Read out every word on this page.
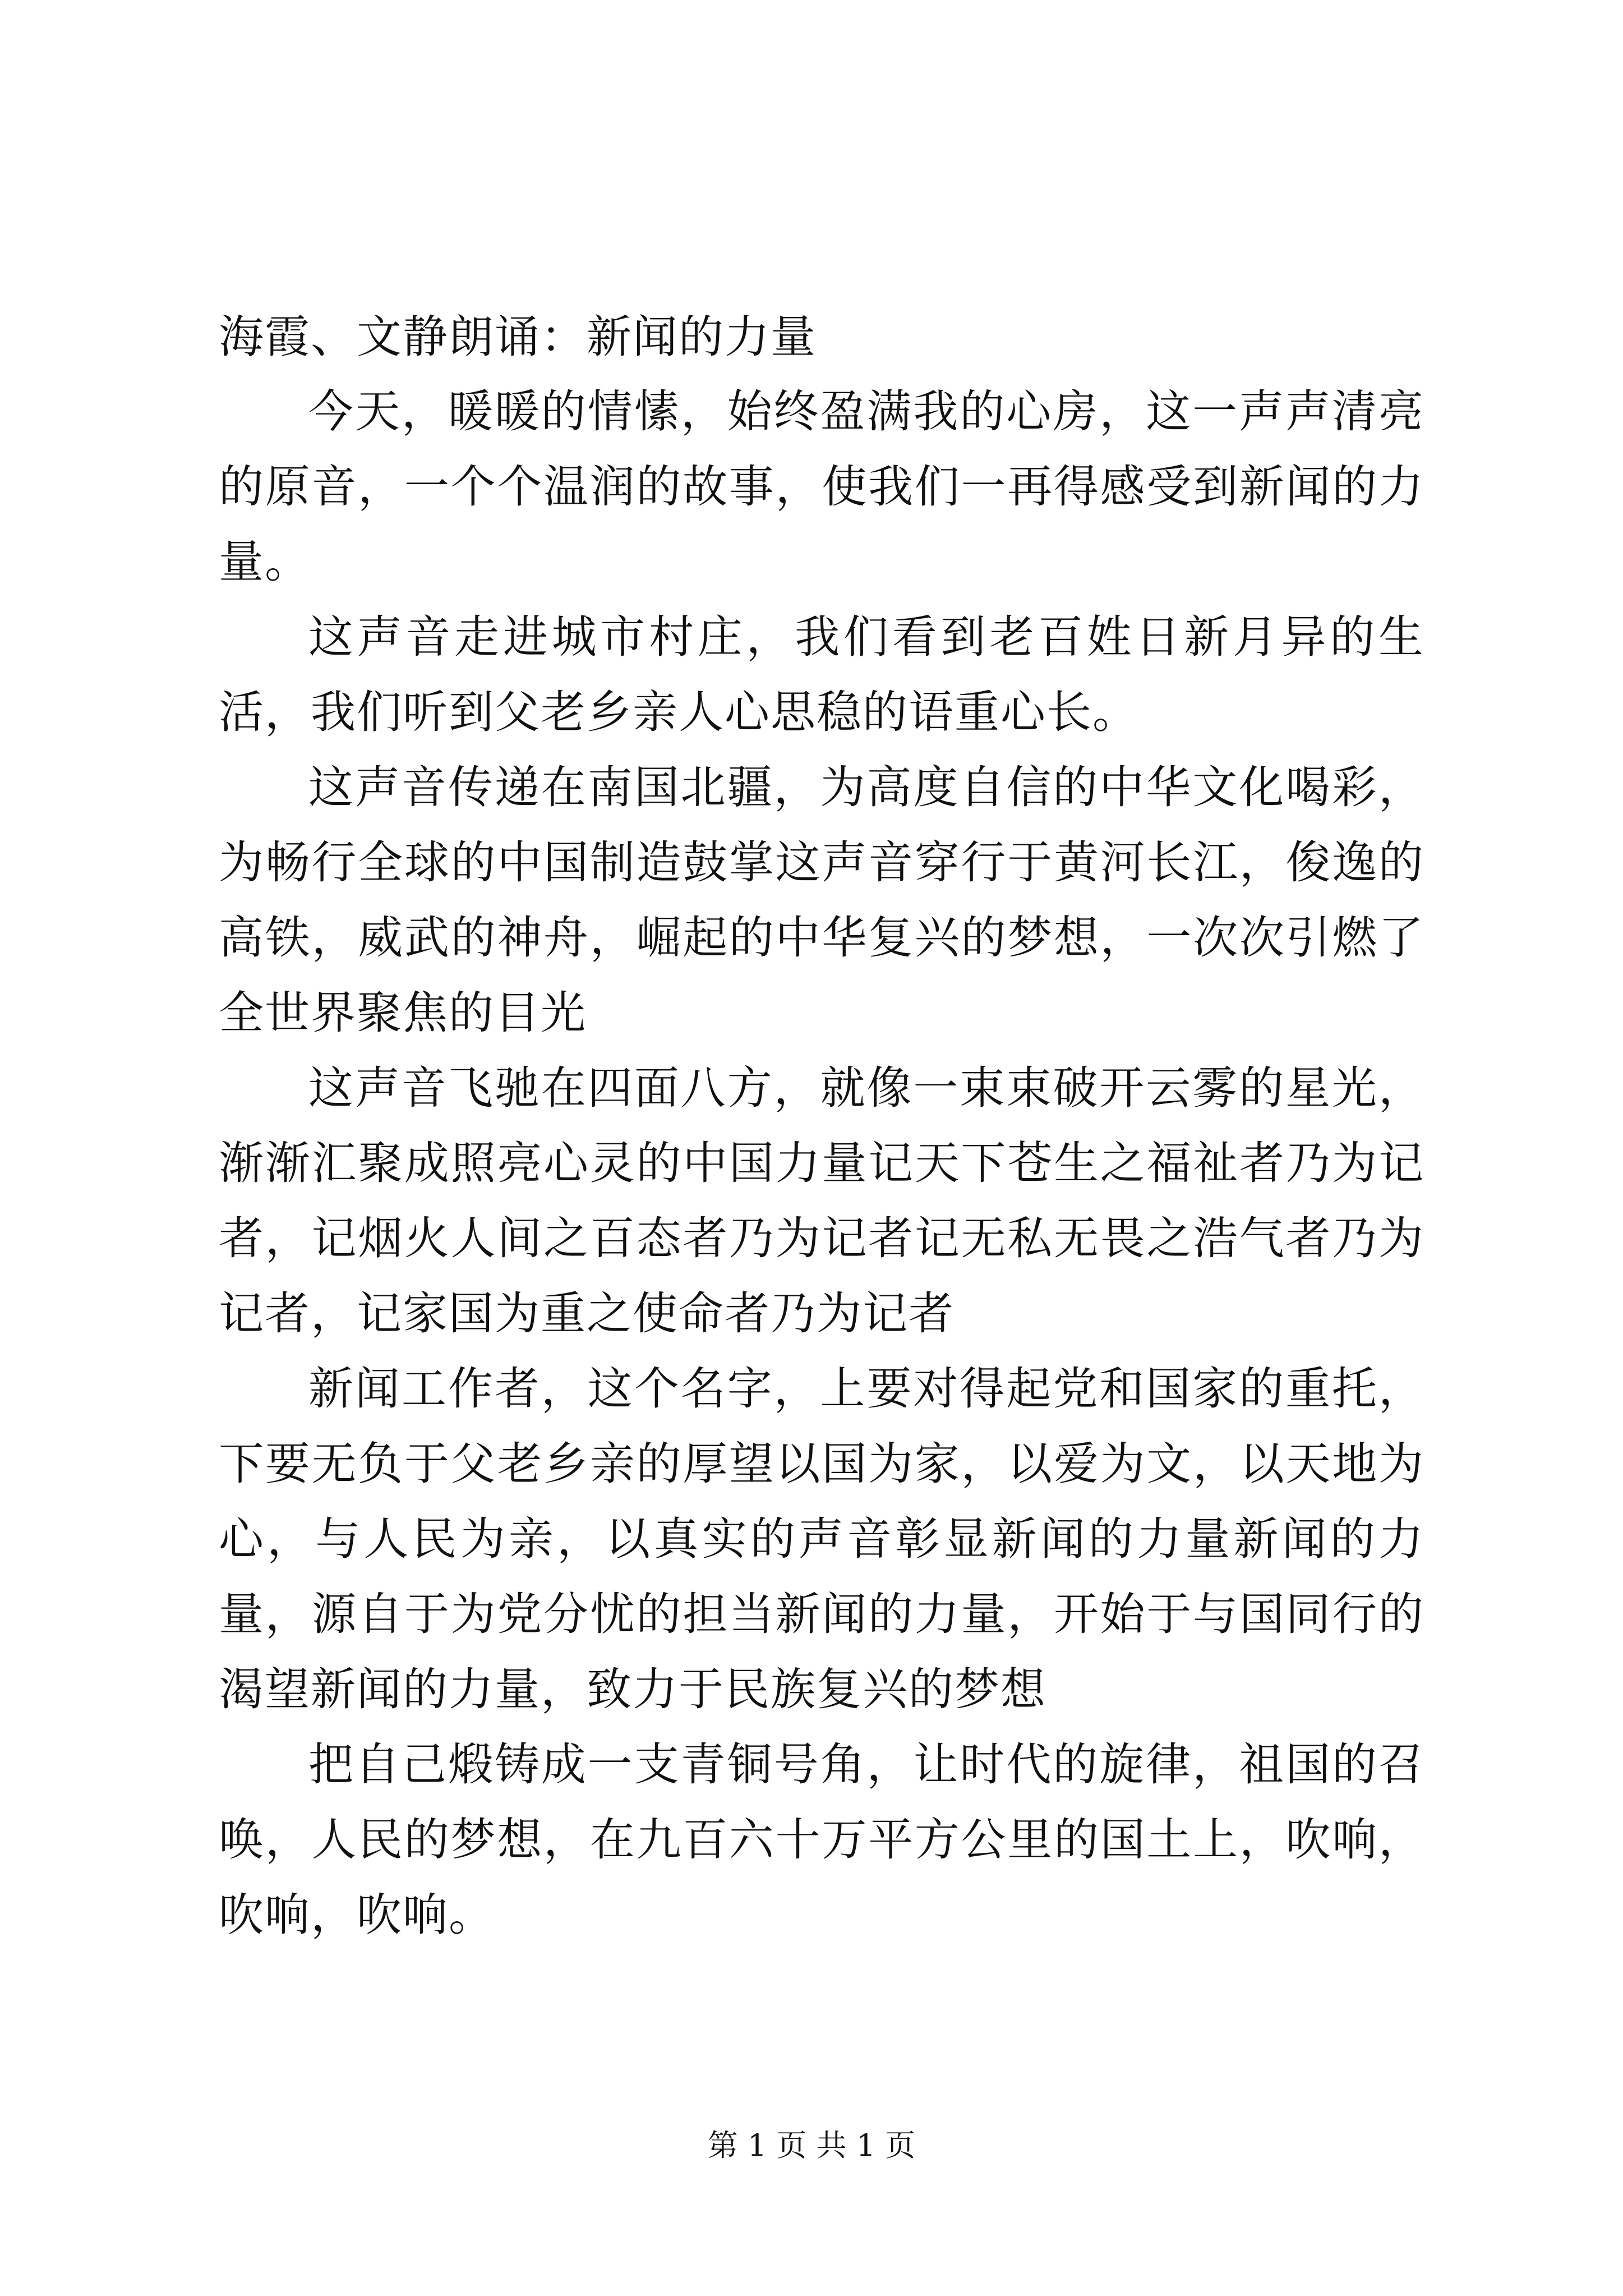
海霞、文静朗诵：新闻的力量

今天，暖暖的情愫，始终盈满我的心房，这一声声清亮的原音，一个个温润的故事，使我们一再得感受到新闻的力量。

这声音走进城市村庄，我们看到老百姓日新月异的生活，我们听到父老乡亲人心思稳的语重心长。

这声音传递在南国北疆，为高度自信的中华文化喝彩，为畅行全球的中国制造鼓掌这声音穿行于黄河长江，俊逸的高铁，威武的神舟，崛起的中华复兴的梦想，一次次引燃了全世界聚焦的目光

这声音飞驰在四面八方，就像一束束破开云雾的星光，渐渐汇聚成照亮心灵的中国力量记天下苍生之福祉者乃为记者，记烟火人间之百态者乃为记者记无私无畏之浩气者乃为记者，记家国为重之使命者乃为记者

新闻工作者，这个名字，上要对得起党和国家的重托，下要无负于父老乡亲的厚望以国为家，以爱为文，以天地为心，与人民为亲，以真实的声音彰显新闻的力量新闻的力量，源自于为党分忧的担当新闻的力量，开始于与国同行的渴望新闻的力量，致力于民族复兴的梦想

把自己煅铸成一支青铜号角，让时代的旋律，祖国的召唤，人民的梦想，在九百六十万平方公里的国土上，吹响，吹响，吹响。

第 1 页 共 1 页
